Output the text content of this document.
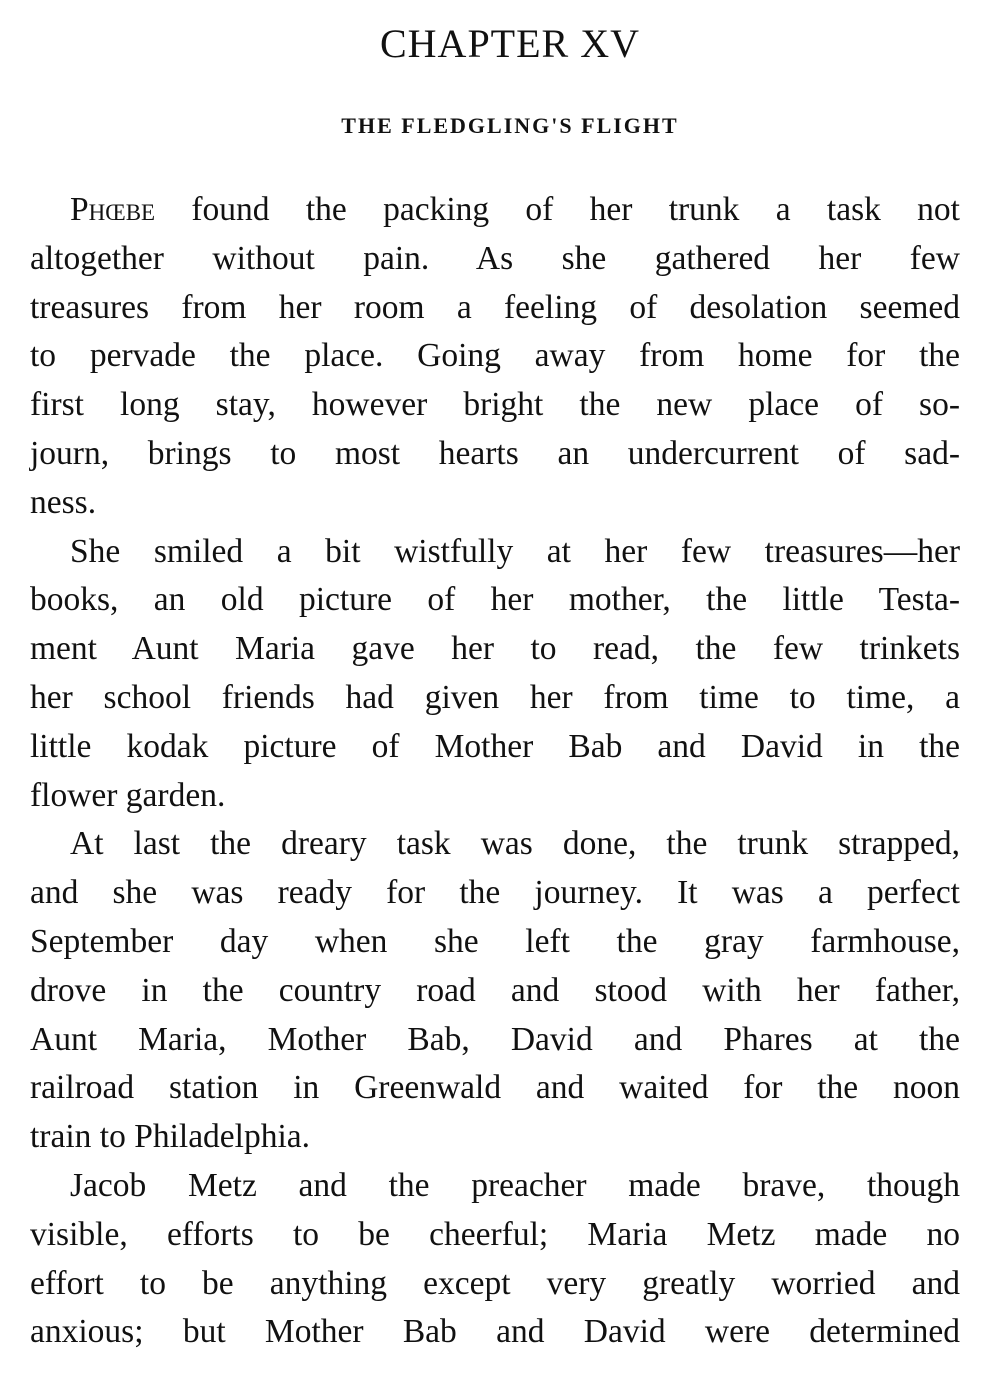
CHAPTER XV
THE FLEDGLING'S FLIGHT
Phœbe found the packing of her trunk a task not
altogether without pain. As she gathered her few
treasures from her room a feeling of desolation seemed
to pervade the place. Going away from home for the
first long stay, however bright the new place of so-
journ, brings to most hearts an undercurrent of sad-
ness.
She smiled a bit wistfully at her few treasures—her
books, an old picture of her mother, the little Testa-
ment Aunt Maria gave her to read, the few trinkets
her school friends had given her from time to time, a
little kodak picture of Mother Bab and David in the
flower garden.
At last the dreary task was done, the trunk strapped,
and she was ready for the journey. It was a perfect
September day when she left the gray farmhouse,
drove in the country road and stood with her father,
Aunt Maria, Mother Bab, David and Phares at the
railroad station in Greenwald and waited for the noon
train to Philadelphia.
Jacob Metz and the preacher made brave, though
visible, efforts to be cheerful; Maria Metz made no
effort to be anything except very greatly worried and
anxious; but Mother Bab and David were determined
